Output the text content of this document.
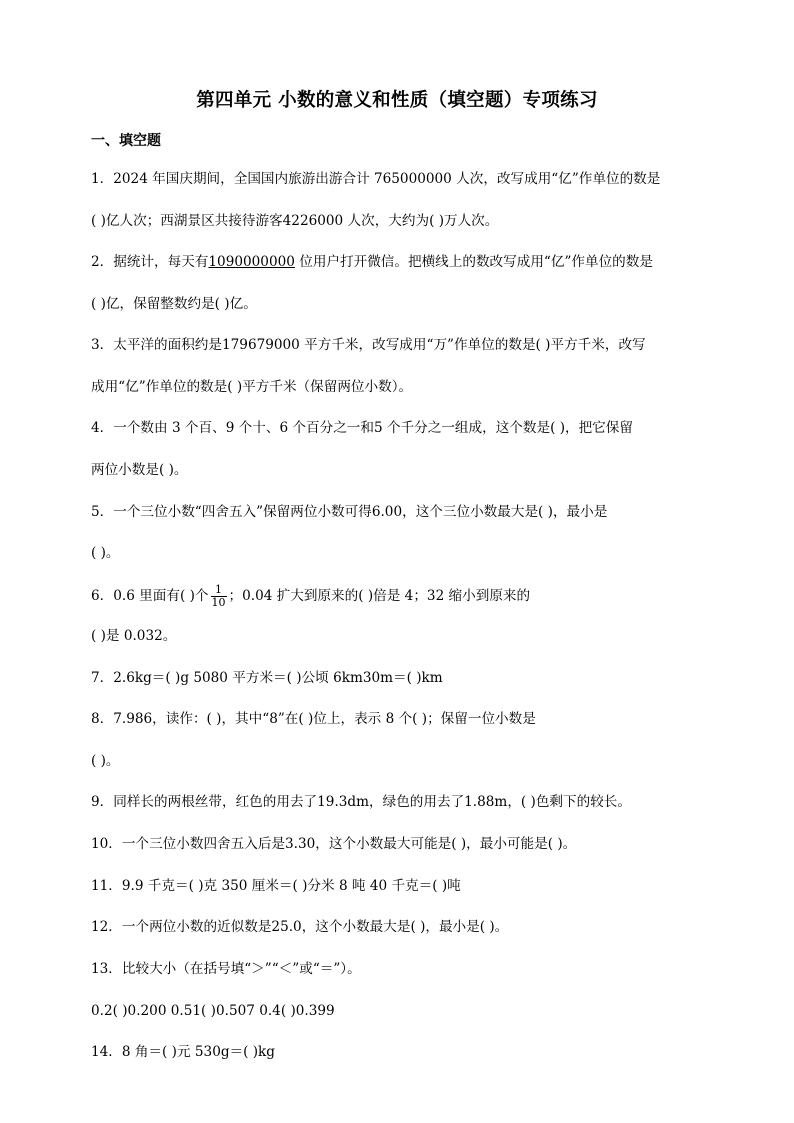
第四单元 小数的意义和性质（填空题）专项练习
一、填空题
1．2024 年国庆期间，全国国内旅游出游合计 765000000 人次，改写成用“亿”作单位的数是
( )亿人次；西湖景区共接待游客4226000 人次，大约为( )万人次。
2．据统计，每天有1090000000 位用户打开微信。把横线上的数改写成用“亿”作单位的数是
( )亿，保留整数约是( )亿。
3．太平洋的面积约是179679000 平方千米，改写成用“万”作单位的数是( )平方千米，改写
成用“亿”作单位的数是( )平方千米（保留两位小数）。
4．一个数由 3 个百、9 个十、6 个百分之一和5 个千分之一组成，这个数是( )，把它保留
两位小数是( )。
5．一个三位小数“四舍五入”保留两位小数可得6.00，这个三位小数最大是( )，最小是
( )。
6．0.6 里面有( )个 $\frac{1}{10}$ ；0.04 扩大到原来的( )倍是 4；32 缩小到原来的
( )是 0.032。
7．2.6kg＝( )g 5080 平方米＝( )公顷 6km30m＝( )km
8．7.986，读作：( )，其中“8”在( )位上，表示 8 个( )；保留一位小数是
( )。
9．同样长的两根丝带，红色的用去了19.3dm，绿色的用去了1.88m，( )色剩下的较长。
10．一个三位小数四舍五入后是3.30，这个小数最大可能是( )，最小可能是( )。
11．9.9 千克＝( )克 350 厘米＝( )分米 8 吨 40 千克＝( )吨
12．一个两位小数的近似数是25.0，这个小数最大是( )，最小是( )。
13．比较大小（在括号填“＞”“＜”或“＝”）。
0.2( )0.200 0.51( )0.507 0.4( )0.399
14．8 角＝( )元 530g＝( )kg
